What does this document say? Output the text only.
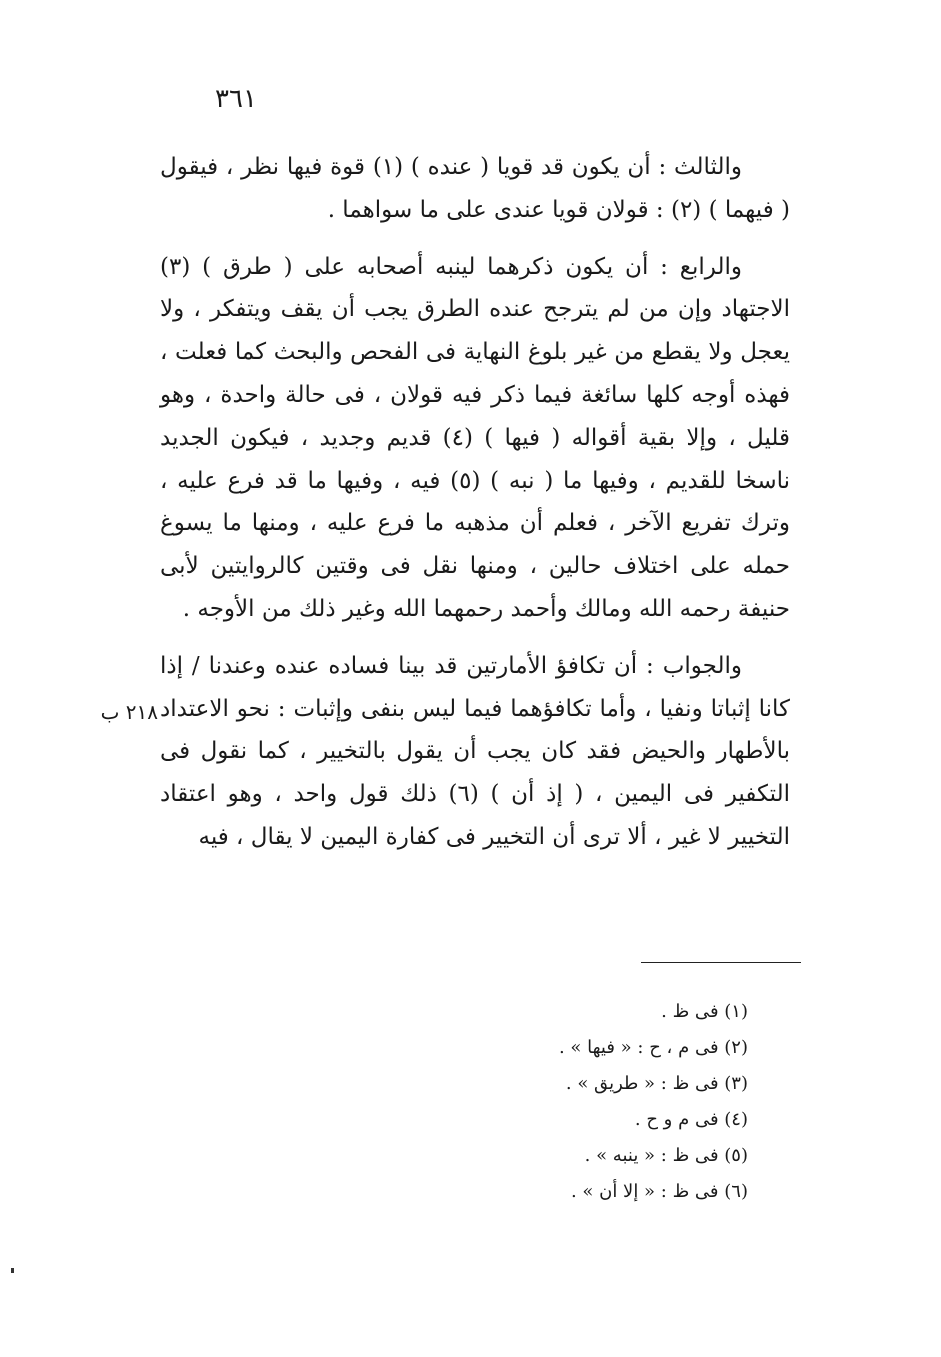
٣٦١

والثالث : أن يكون قد قويا ( عنده ) (١) قوة فيها نظر ، فيقول ( فيهما ) (٢) : قولان قويا عندى على ما سواهما .

والرابع : أن يكون ذكرهما لينبه أصحابه على ( طرق ) (٣) الاجتهاد وإن من لم يترجح عنده الطرق يجب أن يقف ويتفكر ، ولا يعجل ولا يقطع من غير بلوغ النهاية فى الفحص والبحث كما فعلت ، فهذه أوجه كلها سائغة فيما ذكر فيه قولان ، فى حالة واحدة ، وهو قليل ، وإلا بقية أقواله ( فيها ) (٤) قديم وجديد ، فيكون الجديد ناسخا للقديم ، وفيها ما ( نبه ) (٥) فيه ، وفيها ما قد فرع عليه ، وترك تفريع الآخر ، فعلم أن مذهبه ما فرع عليه ، ومنها ما يسوغ حمله على اختلاف حالين ، ومنها نقل فى وقتين كالروايتين لأبى حنيفة رحمه الله ومالك وأحمد رحمهما الله وغير ذلك من الأوجه .

والجواب : أن تكافؤ الأمارتين قد بينا فساده عنده وعندنا / إذا كانا إثباتا ونفيا ، وأما تكافؤهما فيما ليس بنفى وإثبات : نحو الاعتداد بالأطهار والحيض فقد كان يجب أن يقول بالتخيير ، كما نقول فى التكفير فى اليمين ، ( إذ أن ) (٦) ذلك قول واحد ، وهو اعتقاد التخيير لا غير ، ألا ترى أن التخيير فى كفارة اليمين لا يقال ، فيه

٢١٨ ب
(١) فى ظ .
(٢) فى م ، ح : « فيها » .
(٣) فى ظ : « طريق » .
(٤) فى م و ح .
(٥) فى ظ : « ينبه » .
(٦) فى ظ : « إلا أن » .
